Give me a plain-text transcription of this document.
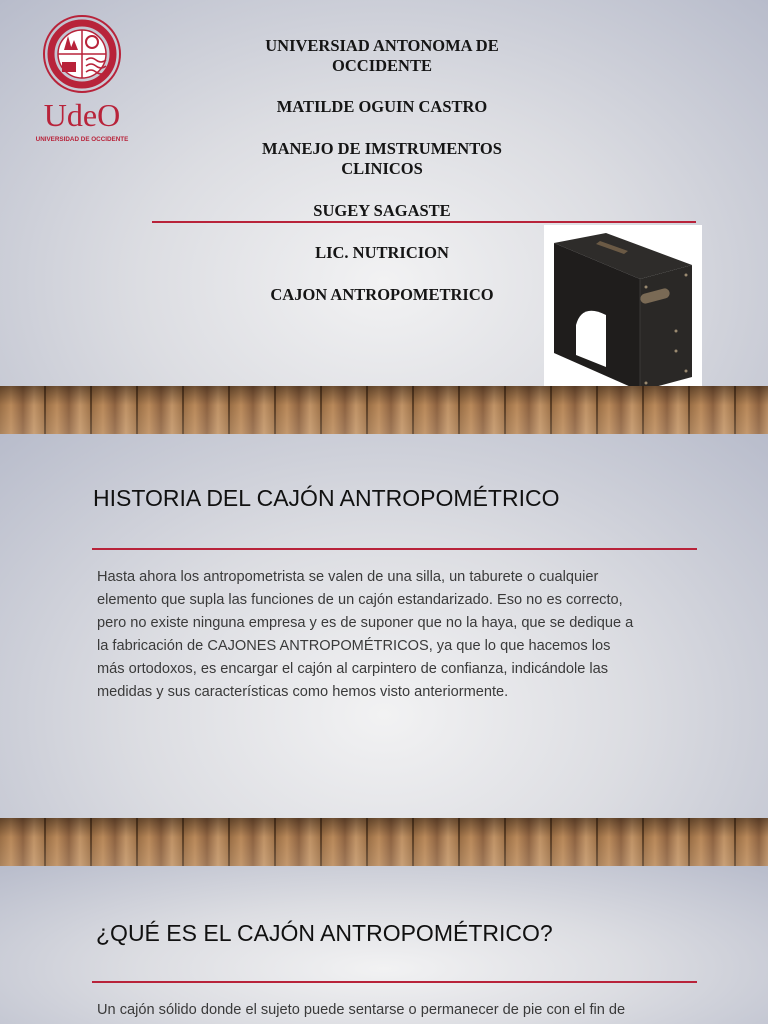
UdeO
UNIVERSIDAD DE OCCIDENTE
UNIVERSIAD ANTONOMA DE
OCCIDENTE
MATILDE OGUIN CASTRO
MANEJO DE IMSTRUMENTOS
CLINICOS
SUGEY SAGASTE
LIC. NUTRICION
CAJON ANTROPOMETRICO
HISTORIA DEL CAJÓN ANTROPOMÉTRICO
Hasta ahora los antropometrista se valen de una silla, un taburete o cualquier
elemento que supla las funciones de un cajón estandarizado. Eso no es correcto,
pero no existe ninguna empresa y es de suponer que no la haya, que se dedique a
la fabricación de CAJONES ANTROPOMÉTRICOS, ya que lo que hacemos los
más ortodoxos, es encargar el cajón al carpintero de confianza, indicándole las
medidas y sus características como hemos visto anteriormente.
¿QUÉ ES EL CAJÓN ANTROPOMÉTRICO?
Un cajón sólido donde el sujeto puede sentarse o permanecer de pie con el fin de
